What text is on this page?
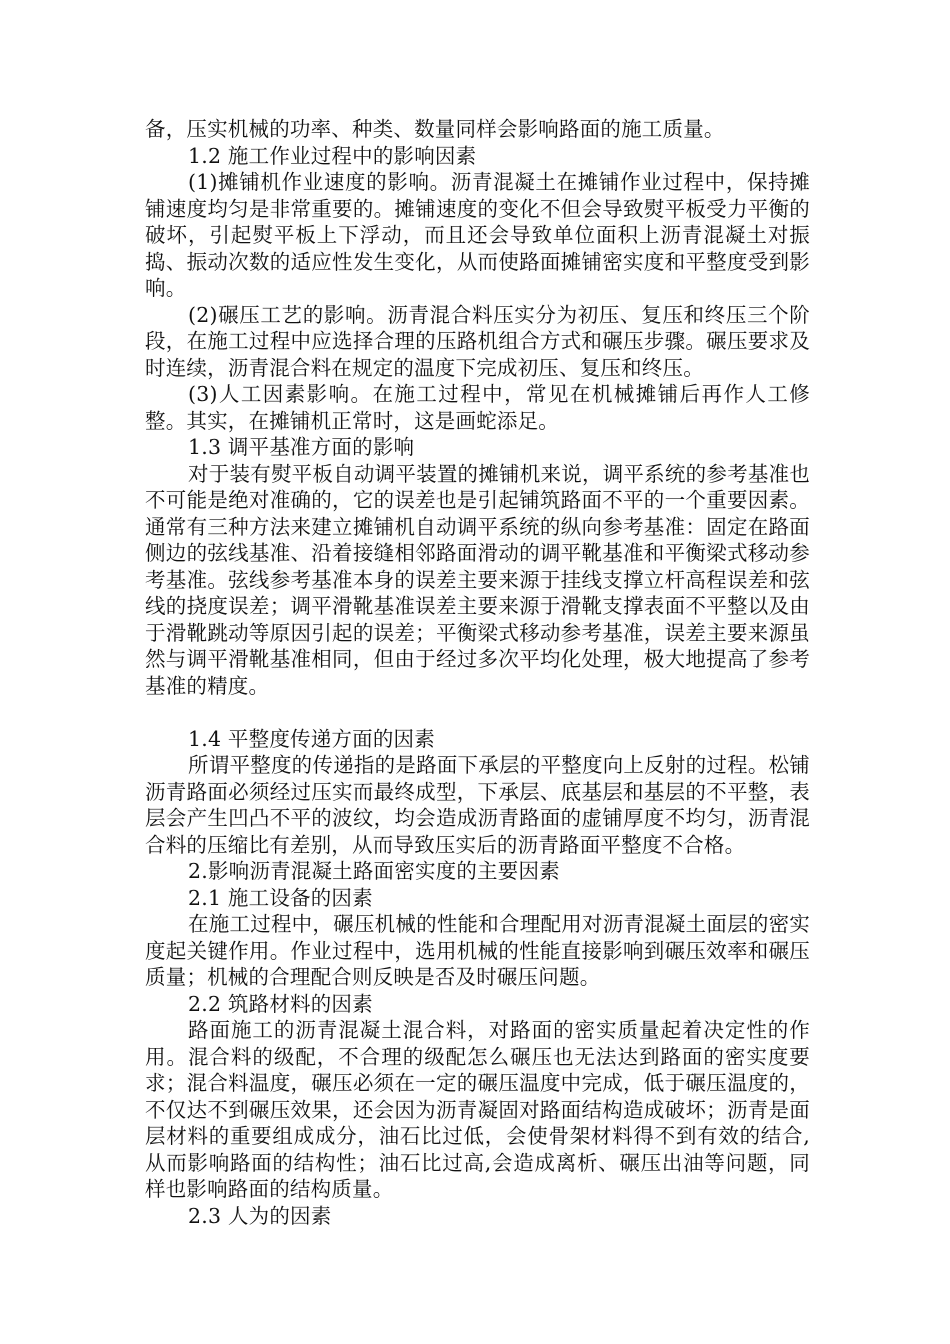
备，压实机械的功率、种类、数量同样会影响路面的施工质量。

1.2 施工作业过程中的影响因素

(1)摊铺机作业速度的影响。沥青混凝土在摊铺作业过程中，保持摊铺速度均匀是非常重要的。摊铺速度的变化不但会导致熨平板受力平衡的破坏，引起熨平板上下浮动，而且还会导致单位面积上沥青混凝土对振捣、振动次数的适应性发生变化，从而使路面摊铺密实度和平整度受到影响。

(2)碾压工艺的影响。沥青混合料压实分为初压、复压和终压三个阶段，在施工过程中应选择合理的压路机组合方式和碾压步骤。碾压要求及时连续，沥青混合料在规定的温度下完成初压、复压和终压。

(3)人工因素影响。在施工过程中，常见在机械摊铺后再作人工修整。其实，在摊铺机正常时，这是画蛇添足。

1.3 调平基准方面的影响

对于装有熨平板自动调平装置的摊铺机来说，调平系统的参考基准也不可能是绝对准确的，它的误差也是引起铺筑路面不平的一个重要因素。通常有三种方法来建立摊铺机自动调平系统的纵向参考基准：固定在路面侧边的弦线基准、沿着接缝相邻路面滑动的调平靴基准和平衡梁式移动参考基准。弦线参考基准本身的误差主要来源于挂线支撑立杆高程误差和弦线的挠度误差；调平滑靴基准误差主要来源于滑靴支撑表面不平整以及由于滑靴跳动等原因引起的误差；平衡梁式移动参考基准，误差主要来源虽然与调平滑靴基准相同，但由于经过多次平均化处理，极大地提高了参考基准的精度。

1.4 平整度传递方面的因素

所谓平整度的传递指的是路面下承层的平整度向上反射的过程。松铺沥青路面必须经过压实而最终成型，下承层、底基层和基层的不平整，表层会产生凹凸不平的波纹，均会造成沥青路面的虚铺厚度不均匀，沥青混合料的压缩比有差别，从而导致压实后的沥青路面平整度不合格。

2.影响沥青混凝土路面密实度的主要因素

2.1 施工设备的因素

在施工过程中，碾压机械的性能和合理配用对沥青混凝土面层的密实度起关键作用。作业过程中，选用机械的性能直接影响到碾压效率和碾压质量；机械的合理配合则反映是否及时碾压问题。

2.2 筑路材料的因素

路面施工的沥青混凝土混合料，对路面的密实质量起着决定性的作用。混合料的级配，不合理的级配怎么碾压也无法达到路面的密实度要求；混合料温度，碾压必须在一定的碾压温度中完成，低于碾压温度的，不仅达不到碾压效果，还会因为沥青凝固对路面结构造成破坏；沥青是面层材料的重要组成成分，油石比过低，会使骨架材料得不到有效的结合,从而影响路面的结构性；油石比过高,会造成离析、碾压出油等问题，同样也影响路面的结构质量。

2.3 人为的因素
